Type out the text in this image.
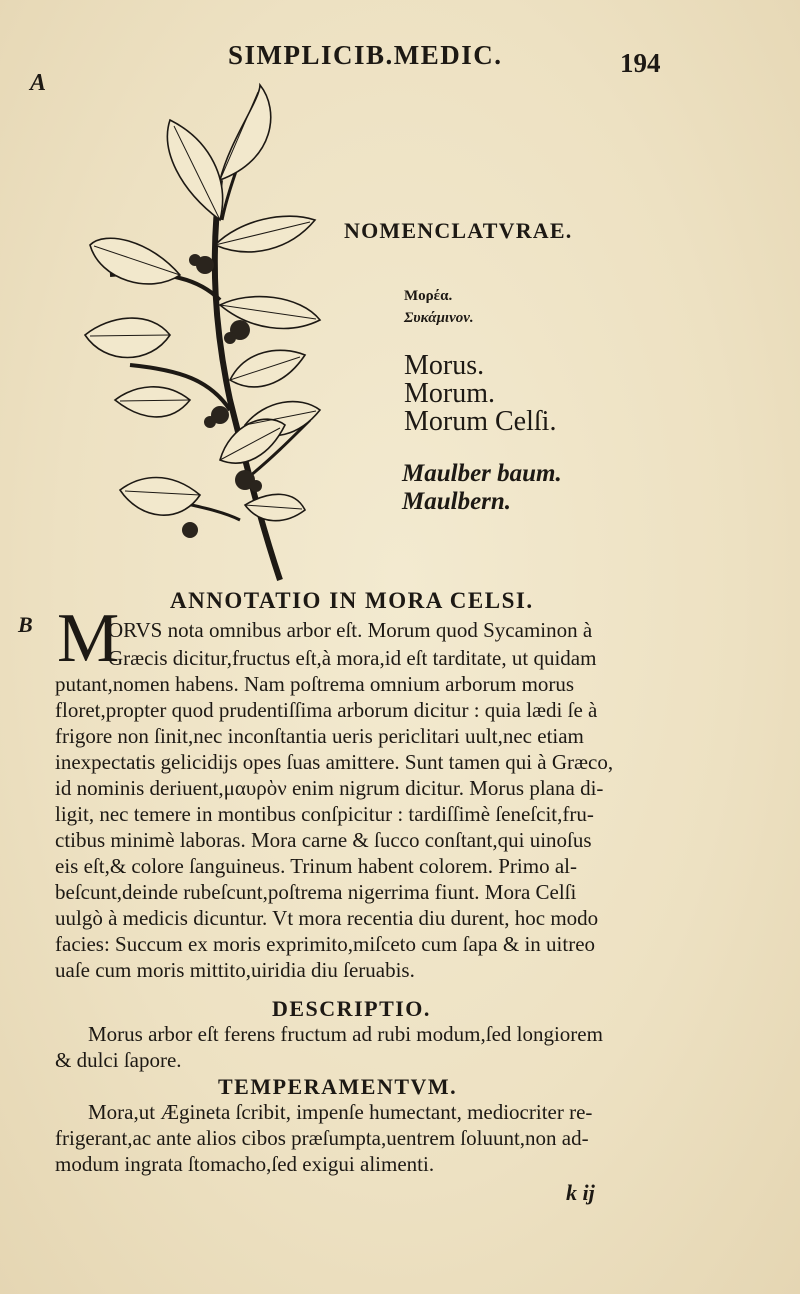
SIMPLICIB.MEDIC.	194
A
NOMENCLATVRAE.
Μορέα.
Συκάμινον.
Morus.
Morum.
Morum Celſi.
Maulber baum.
Maulbern.
ANNOTATIO IN MORA CELSI.
B M
ORVS nota omnibus arbor eſt. Morum quod Sycaminon à
Græcis dicitur,fructus eſt,à mora,id eſt tarditate, ut quidam
putant,nomen habens. Nam poſtrema omnium arborum morus
floret,propter quod prudentiſſima arborum dicitur : quia lædi ſe à
frigore non ſinit,nec inconſtantia ueris periclitari uult,nec etiam
inexpectatis gelicidijs opes ſuas amittere. Sunt tamen qui à Græco,
id nominis deriuent,μαυρὸν enim nigrum dicitur. Morus plana di-
ligit, nec temere in montibus conſpicitur : tardiſſimè ſeneſcit,fru-
ctibus minimè laboras. Mora carne & ſucco conſtant,qui uinoſus
eis eſt,& colore ſanguineus. Trinum habent colorem. Primo al-
beſcunt,deinde rubeſcunt,poſtrema nigerrima fiunt. Mora Celſi
uulgò à medicis dicuntur. Vt mora recentia diu durent, hoc modo
facies: Succum ex moris exprimito,miſceto cum ſapa & in uitreo
uaſe cum moris mittito,uiridia diu ſeruabis.
DESCRIPTIO.
Morus arbor eſt ferens fructum ad rubi modum,ſed longiorem
& dulci ſapore.
TEMPERAMENTVM.
Mora,ut Ægineta ſcribit, impenſe humectant, mediocriter re-
frigerant,ac ante alios cibos præſumpta,uentrem ſoluunt,non ad-
modum ingrata ſtomacho,ſed exigui alimenti.
k ij
